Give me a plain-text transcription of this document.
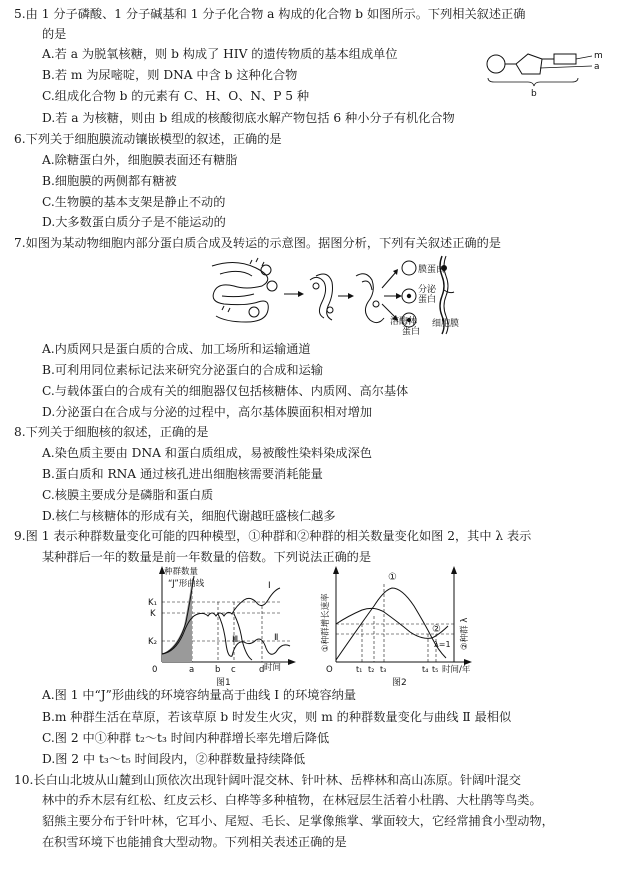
5.由 1 分子磷酸、1 分子碱基和 1 分子化合物 a 构成的化合物 b 如图所示。下列相关叙述正确
的是
A.若 a 为脱氧核糖，则 b 构成了 HIV 的遗传物质的基本组成单位
B.若 m 为尿嘧啶，则 DNA 中含 b 这种化合物
C.组成化合物 b 的元素有 C、H、O、N、P 5 种
D.若 a 为核糖，则由 b 组成的核酸彻底水解产物包括 6 种小分子有机化合物
m
a
b
6.下列关于细胞膜流动镶嵌模型的叙述，正确的是
A.除糖蛋白外，细胞膜表面还有糖脂
B.细胞膜的两侧都有糖被
C.生物膜的基本支架是静止不动的
D.大多数蛋白质分子是不能运动的
7.如图为某动物细胞内部分蛋白质合成及转运的示意图。据图分析，下列有关叙述正确的是
膜蛋白
分泌
蛋白
溶酶体
蛋白
细胞膜
A.内质网只是蛋白质的合成、加工场所和运输通道
B.可利用同位素标记法来研究分泌蛋白的合成和运输
C.与载体蛋白的合成有关的细胞器仅包括核糖体、内质网、高尔基体
D.分泌蛋白在合成与分泌的过程中，高尔基体膜面积相对增加
8.下列关于细胞核的叙述，正确的是
A.染色质主要由 DNA 和蛋白质组成，易被酸性染料染成深色
B.蛋白质和 RNA 通过核孔进出细胞核需要消耗能量
C.核膜主要成分是磷脂和蛋白质
D.核仁与核糖体的形成有关，细胞代谢越旺盛核仁越多
9.图 1 表示种群数量变化可能的四种模型，①种群和②种群的相关数量变化如图 2，其中 λ 表示
某种群后一年的数量是前一年数量的倍数。下列说法正确的是
种群数量
“J”形曲线
K₁
K
K₂
0
Ⅰ
Ⅱ
Ⅲ
a b c	d 时间
图1
①种群增长速率	②种群 λ
O
①
②
λ=1
t₁ t₂ t₃	t₄ t₅ 时间/年
图2
A.图 1 中“J”形曲线的环境容纳量高于曲线 Ⅰ 的环境容纳量
B.m 种群生活在草原，若该草原 b 时发生火灾，则 m 的种群数量变化与曲线 Ⅱ 最相似
C.图 2 中①种群 t₂～t₃ 时间内种群增长率先增后降低
D.图 2 中 t₃～t₅ 时间段内，②种群数量持续降低
10.长白山北坡从山麓到山顶依次出现针阔叶混交林、针叶林、岳桦林和高山冻原。针阔叶混交
林中的乔木层有红松、红皮云杉、白桦等多种植物，在林冠层生活着小杜鹃、大杜鹃等鸟类。
貂熊主要分布于针叶林，它耳小、尾短、毛长、足掌像熊掌、掌面较大，它经常捕食小型动物，
在积雪环境下也能捕食大型动物。下列相关表述正确的是
